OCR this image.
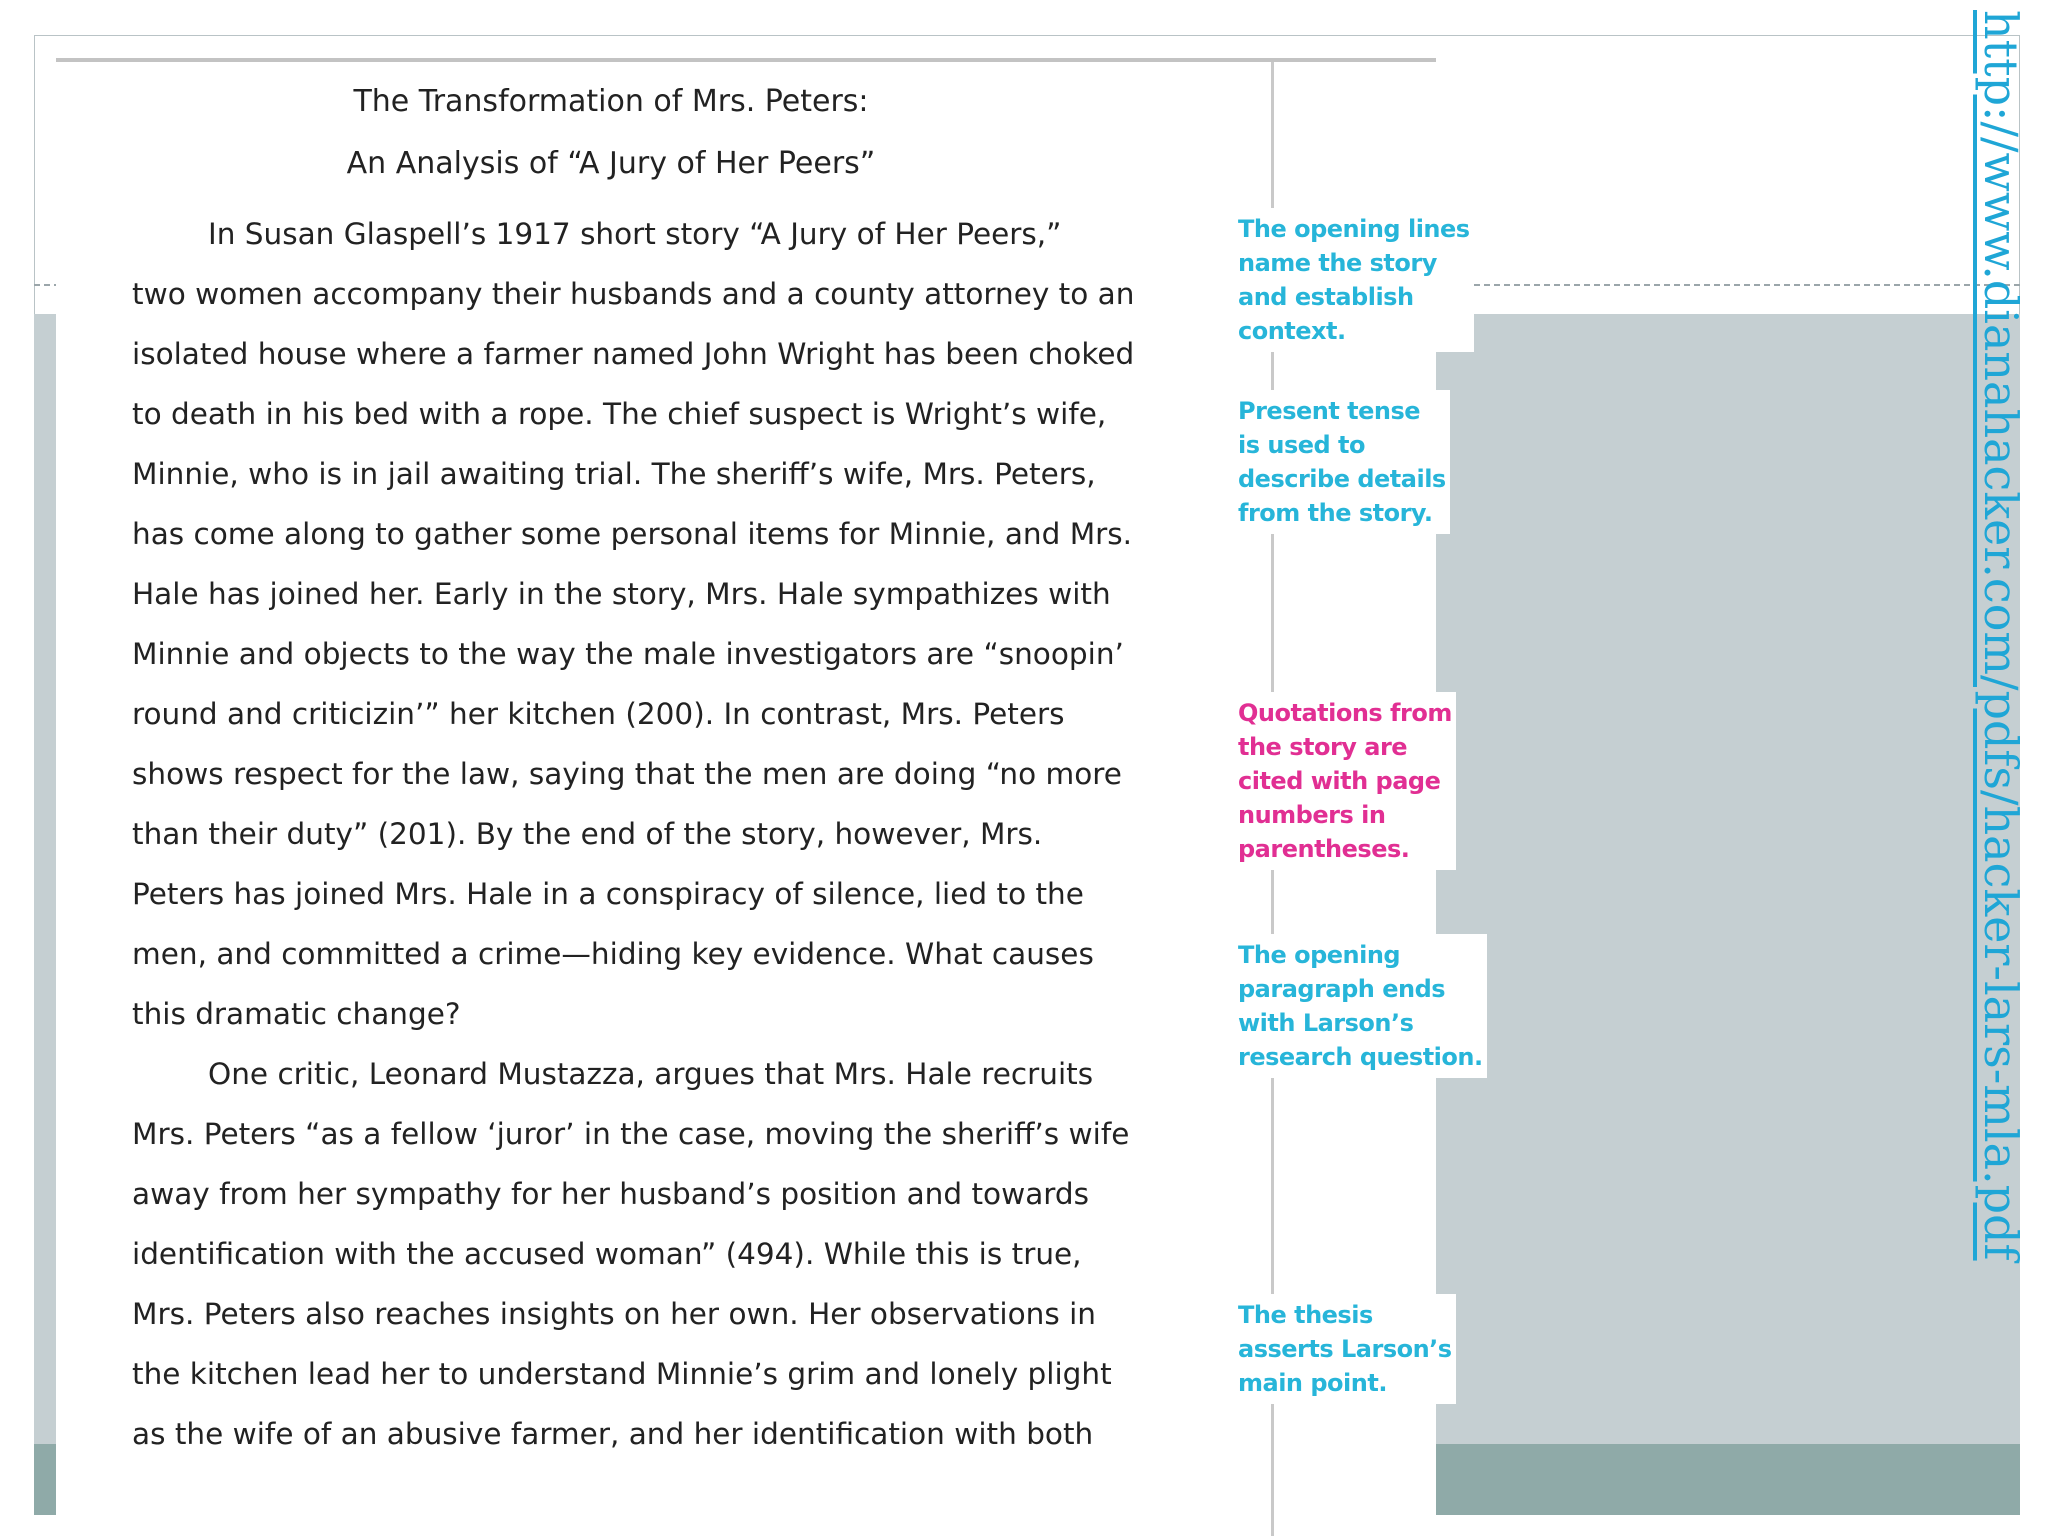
The Transformation of Mrs. Peters:
An Analysis of “A Jury of Her Peers”

In Susan Glaspell’s 1917 short story “A Jury of Her Peers,”

two women accompany their husbands and a county attorney to an

isolated house where a farmer named John Wright has been choked

to death in his bed with a rope. The chief suspect is Wright’s wife,

Minnie, who is in jail awaiting trial. The sheriff’s wife, Mrs. Peters,

has come along to gather some personal items for Minnie, and Mrs.

Hale has joined her. Early in the story, Mrs. Hale sympathizes with

Minnie and objects to the way the male investigators are “snoopin’

round and criticizin’” her kitchen (200). In contrast, Mrs. Peters

shows respect for the law, saying that the men are doing “no more

than their duty” (201). By the end of the story, however, Mrs.

Peters has joined Mrs. Hale in a conspiracy of silence, lied to the

men, and committed a crime—hiding key evidence. What causes

this dramatic change?

One critic, Leonard Mustazza, argues that Mrs. Hale recruits

Mrs. Peters “as a fellow ‘juror’ in the case, moving the sheriff’s wife

away from her sympathy for her husband’s position and towards

identification with the accused woman” (494). While this is true,

Mrs. Peters also reaches insights on her own. Her observations in

the kitchen lead her to understand Minnie’s grim and lonely plight

as the wife of an abusive farmer, and her identification with both

The opening lines
name the story
and establish
context.
Present tense
is used to
describe details
from the story.
Quotations from
the story are
cited with page
numbers in
parentheses.
The opening
paragraph ends
with Larson’s
research question.
The thesis
asserts Larson’s
main point.
http://www.dianahacker.com/pdfs/hacker-lars-mla.pdf
